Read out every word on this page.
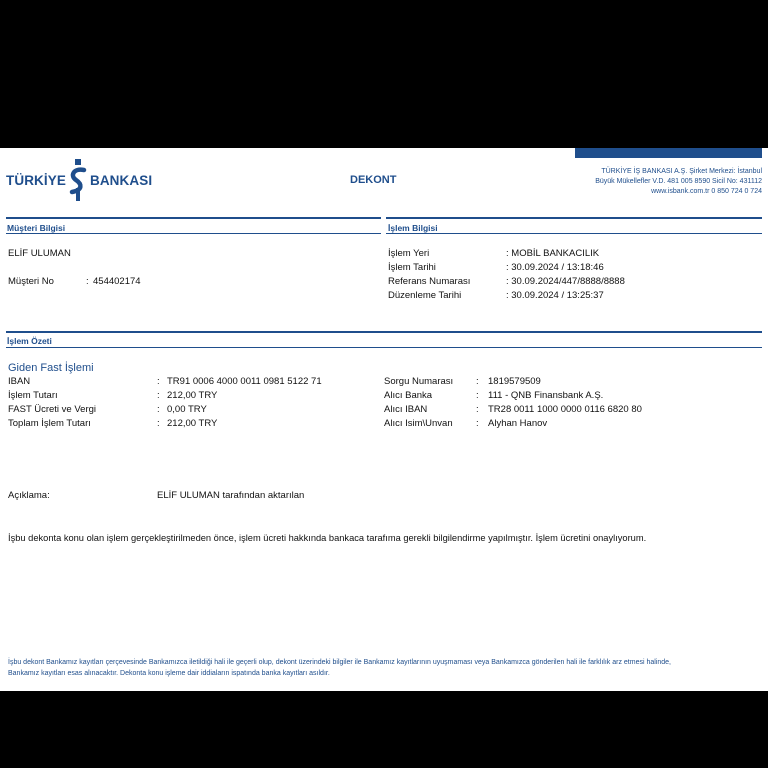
TÜRKİYE BANKASI	DEKONT
TÜRKİYE İŞ BANKASI A.Ş. Şirket Merkezi: İstanbul
Büyük Mükellefler V.D. 481 005 8590 Sicil No: 431112
www.isbank.com.tr 0 850 724 0 724
Müşteri Bilgisi
ELİF ULUMAN
Müşteri No	: 454402174
İşlem Bilgisi
İşlem Yeri	: MOBİL BANKACILIK
İşlem Tarihi	: 30.09.2024 / 13:18:46
Referans Numarası	: 30.09.2024/447/8888/8888
Düzenleme Tarihi	: 30.09.2024 / 13:25:37
İşlem Özeti
Giden Fast İşlemi
IBAN	: TR91 0006 4000 0011 0981 5122 71
İşlem Tutarı	: 212,00 TRY
FAST Ücreti ve Vergi	: 0,00 TRY
Toplam İşlem Tutarı	: 212,00 TRY
Sorgu Numarası : 1819579509
Alıcı Banka	: 111 - QNB Finansbank A.Ş.
Alıcı IBAN	: TR28 0011 1000 0000 0116 6820 80
Alıcı Isim\Unvan : Alyhan Hanov
Açıklama:	ELİF ULUMAN tarafından aktarılan
İşbu dekonta konu olan işlem gerçekleştirilmeden önce, işlem ücreti hakkında bankaca tarafıma gerekli bilgilendirme yapılmıştır. İşlem ücretini onaylıyorum.
İşbu dekont Bankamız kayıtları çerçevesinde Bankamızca iletildiği hali ile geçerli olup, dekont üzerindeki bilgiler ile Bankamız kayıtlarının uyuşmaması veya Bankamızca gönderilen hali ile farklılık arz etmesi halinde,
Bankamız kayıtları esas alınacaktır. Dekonta konu işleme dair iddiaların ispatında banka kayıtları asıldır.
